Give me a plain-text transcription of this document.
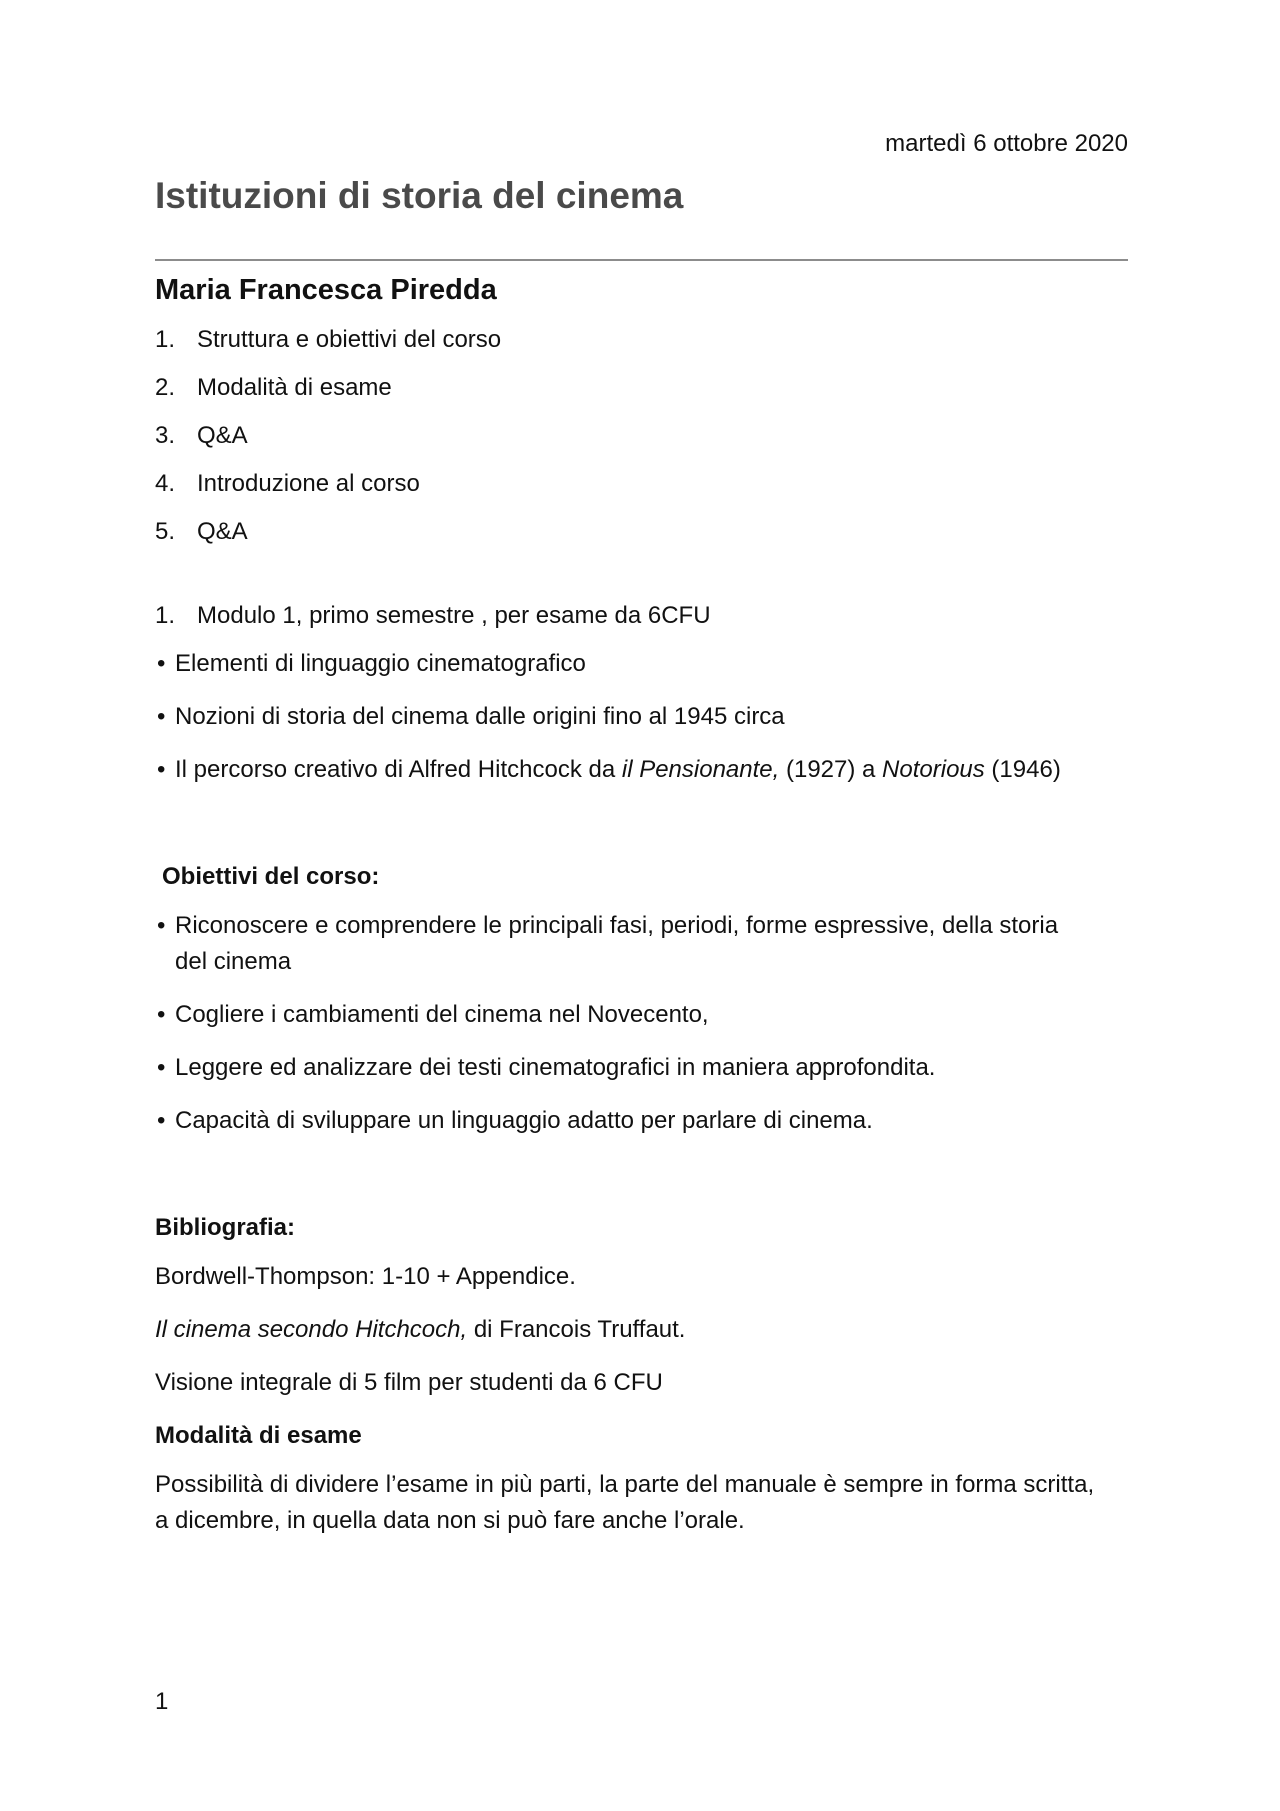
martedì 6 ottobre 2020
Istituzioni di storia del cinema
Maria Francesca Piredda
1. Struttura e obiettivi del corso
2. Modalità di esame
3. Q&A
4. Introduzione al corso
5. Q&A
1. Modulo 1, primo semestre , per esame da 6CFU
• Elementi di linguaggio cinematografico
• Nozioni di storia del cinema dalle origini fino al 1945 circa
• Il percorso creativo di Alfred Hitchcock da il Pensionante, (1927) a Notorious (1946)
Obiettivi del corso:
• Riconoscere e comprendere le principali fasi, periodi, forme espressive, della storia del cinema
• Cogliere i cambiamenti del cinema nel Novecento,
• Leggere ed analizzare dei testi cinematografici in maniera approfondita.
• Capacità di sviluppare un linguaggio adatto per parlare di cinema.
Bibliografia:

Bordwell-Thompson: 1-10 + Appendice.

Il cinema secondo Hitchcoch, di Francois Truffaut.

Visione integrale di 5 film per studenti da 6 CFU

Modalità di esame

Possibilità di dividere l’esame in più parti, la parte del manuale è sempre in forma scritta, a dicembre, in quella data non si può fare anche l’orale.

1
